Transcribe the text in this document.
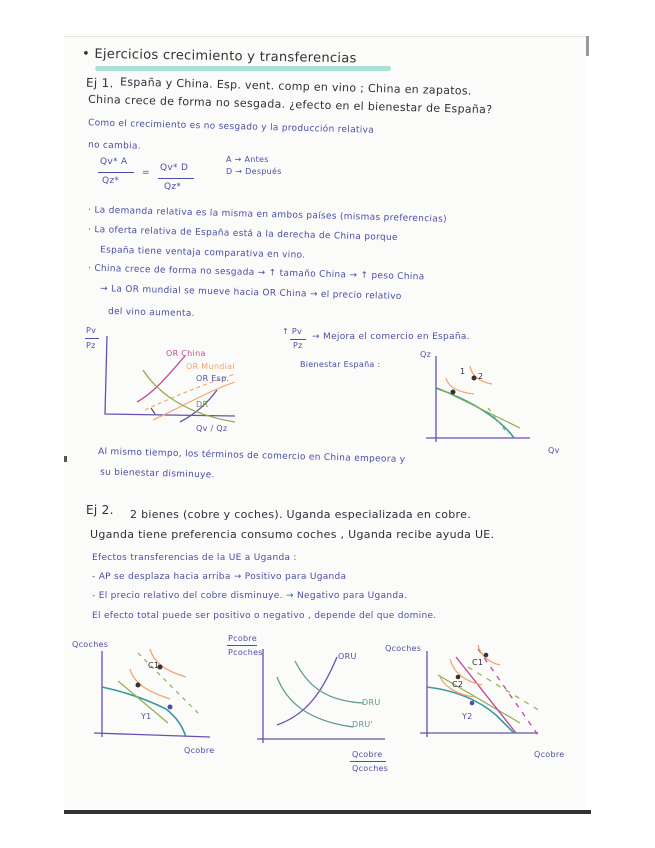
• Ejercicios crecimiento y transferencias
Ej 1. España y China. Esp. vent. comp en vino ; China en zapatos.
China crece de forma no sesgada. ¿efecto en el bienestar de España?
Como el crecimiento es no sesgado y la producción relativa
no cambia.
Qv* A
Qz*
= Qv* D
Qz*
A → Antes
D → Después
· La demanda relativa es la misma en ambos países (mismas preferencias)
· La oferta relativa de España está a la derecha de China porque
España tiene ventaja comparativa en vino.
· China crece de forma no sesgada → ↑ tamaño China → ↑ peso China
→ La OR mundial se mueve hacia OR China → el precio relativo
del vino aumenta.
Pv
Pz
OR China
OR Mundial
OR Esp.
DR
Qv / Qz
↑ Pv
Pz
→ Mejora el comercio en España.
Bienestar España :
Qz
1
2
Qv
Al mismo tiempo, los términos de comercio en China empeora y
su bienestar disminuye.
Ej 2. 2 bienes (cobre y coches). Uganda especializada en cobre.
Uganda tiene preferencia consumo coches , Uganda recibe ayuda UE.
Efectos transferencias de la UE a Uganda :
- AP se desplaza hacia arriba → Positivo para Uganda
- El precio relativo del cobre disminuye. → Negativo para Uganda.
El efecto total puede ser positivo o negativo , depende del que domine.
Qcoches
C1
Y1
Qcobre
Pcobre
Pcoches	ORU
DRU
DRU'
Qcobre
Qcoches
Qcoches
C1
C2
Y2
Qcobre
